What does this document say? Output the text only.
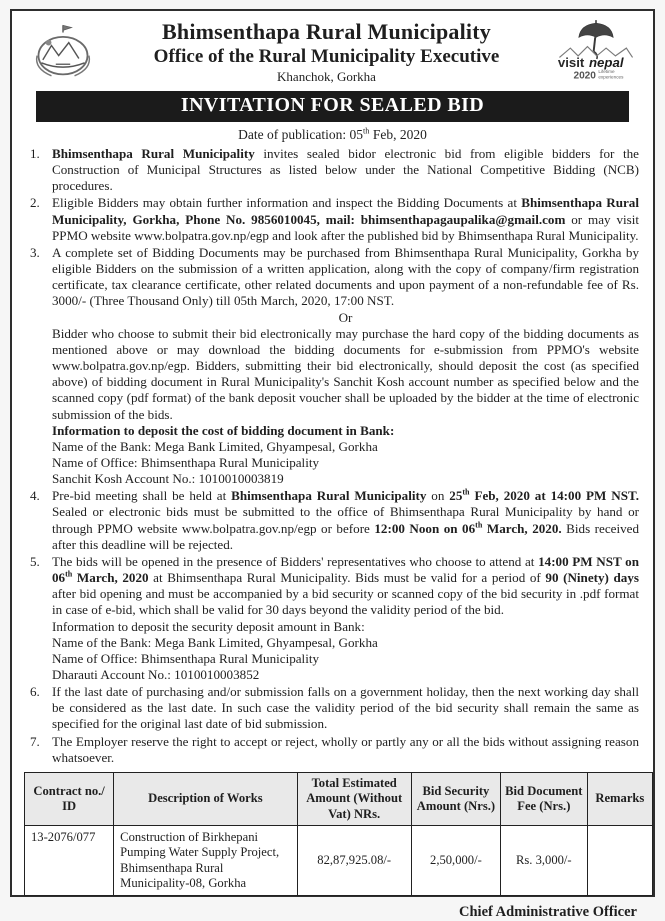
Bhimsenthapa Rural Municipality
Office of the Rural Municipality Executive
Khanchok, Gorkha
visit nepal
2020 Lifetime
experiences
INVITATION FOR SEALED BID
Date of publication: 05th Feb, 2020
1. Bhimsenthapa Rural Municipality invites sealed bidor electronic bid from eligible bidders for the Construction of Municipal Structures as listed below under the National Competitive Bidding (NCB) procedures.
2. Eligible Bidders may obtain further information and inspect the Bidding Documents at Bhimsenthapa Rural Municipality, Gorkha, Phone No. 9856010045, mail: bhimsenthapagaupalika@gmail.com or may visit PPMO website www.bolpatra.gov.np/egp and look after the published bid by Bhimsenthapa Rural Municipality.
3. A complete set of Bidding Documents may be purchased from Bhimsenthapa Rural Municipality, Gorkha by eligible Bidders on the submission of a written application, along with the copy of company/firm registration certificate, tax clearance certificate, other related documents and upon payment of a non-refundable fee of Rs. 3000/- (Three Thousand Only) till 05th March, 2020, 17:00 NST.
Or
Bidder who choose to submit their bid electronically may purchase the hard copy of the bidding documents as mentioned above or may download the bidding documents for e-submission from PPMO's website www.bolpatra.gov.np/egp. Bidders, submitting their bid electronically, should deposit the cost (as specified above) of bidding document in Rural Municipality's Sanchit Kosh account number as specified below and the scanned copy (pdf format) of the bank deposit voucher shall be uploaded by the bidder at the time of electronic submission of the bids.
Information to deposit the cost of bidding document in Bank:
Name of the Bank: Mega Bank Limited, Ghyampesal, Gorkha
Name of Office: Bhimsenthapa Rural Municipality
Sanchit Kosh Account No.: 1010010003819
4. Pre-bid meeting shall be held at Bhimsenthapa Rural Municipality on 25th Feb, 2020 at 14:00 PM NST. Sealed or electronic bids must be submitted to the office of Bhimsenthapa Rural Municipality by hand or through PPMO website www.bolpatra.gov.np/egp or before 12:00 Noon on 06th March, 2020. Bids received after this deadline will be rejected.
5. The bids will be opened in the presence of Bidders' representatives who choose to attend at 14:00 PM NST on 06th March, 2020 at Bhimsenthapa Rural Municipality. Bids must be valid for a period of 90 (Ninety) days after bid opening and must be accompanied by a bid security or scanned copy of the bid security in .pdf format in case of e-bid, which shall be valid for 30 days beyond the validity period of the bid.
Information to deposit the security deposit amount in Bank:
Name of the Bank: Mega Bank Limited, Ghyampesal, Gorkha
Name of Office: Bhimsenthapa Rural Municipality
Dharauti Account No.: 1010010003852
6. If the last date of purchasing and/or submission falls on a government holiday, then the next working day shall be considered as the last date. In such case the validity period of the bid security shall remain the same as specified for the original last date of bid submission.
7. The Employer reserve the right to accept or reject, wholly or partly any or all the bids without assigning reason whatsoever.
Contract no./ ID	Description of Works	Total Estimated Amount (Without Vat) NRs.	Bid Security Amount (Nrs.)	Bid Document Fee (Nrs.)	Remarks
13-2076/077	Construction of Birkhepani Pumping Water Supply Project, Bhimsenthapa Rural Municipality-08, Gorkha	82,87,925.08/-	2,50,000/-	Rs. 3,000/-	
Chief Administrative Officer
